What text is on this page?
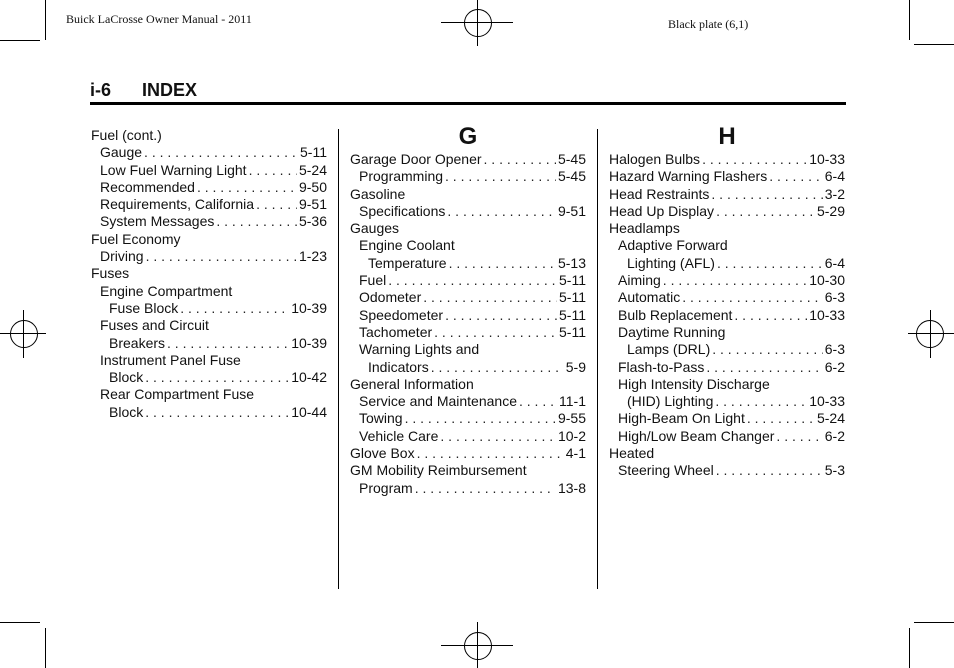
Buick LaCrosse Owner Manual - 2011	Black plate (6,1)
i-6 INDEX
Fuel (cont.)
Gauge . . .	5-11
Low Fuel Warning Light . . .	5-24
Recommended . . .	9-50
Requirements, California . . .	9-51
System Messages . . .	5-36
Fuel Economy
Driving . . .	1-23
Fuses
Engine Compartment
Fuse Block . . .	10-39
Fuses and Circuit
Breakers . . .	10-39
Instrument Panel Fuse
Block . . .	10-42
Rear Compartment Fuse
Block . . .	10-44
G
Garage Door Opener . . .	5-45
Programming . . .	5-45
Gasoline
Specifications . . .	9-51
Gauges
Engine Coolant
Temperature . . .	5-13
Fuel . . .	5-11
Odometer . . .	5-11
Speedometer . . .	5-11
Tachometer . . .	5-11
Warning Lights and
Indicators . . .	5-9
General Information
Service and Maintenance . . .	11-1
Towing . . .	9-55
Vehicle Care . . .	10-2
Glove Box . . .	4-1
GM Mobility Reimbursement
Program . . .	13-8
H
Halogen Bulbs . . .	10-33
Hazard Warning Flashers . . .	6-4
Head Restraints . . .	3-2
Head Up Display . . .	5-29
Headlamps
Adaptive Forward
Lighting (AFL) . . .	6-4
Aiming . . .	10-30
Automatic . . .	6-3
Bulb Replacement . . .	10-33
Daytime Running
Lamps (DRL) . . .	6-3
Flash-to-Pass . . .	6-2
High Intensity Discharge
(HID) Lighting . . .	10-33
High-Beam On Light . . .	5-24
High/Low Beam Changer . . .	6-2
Heated
Steering Wheel . . .	5-3
